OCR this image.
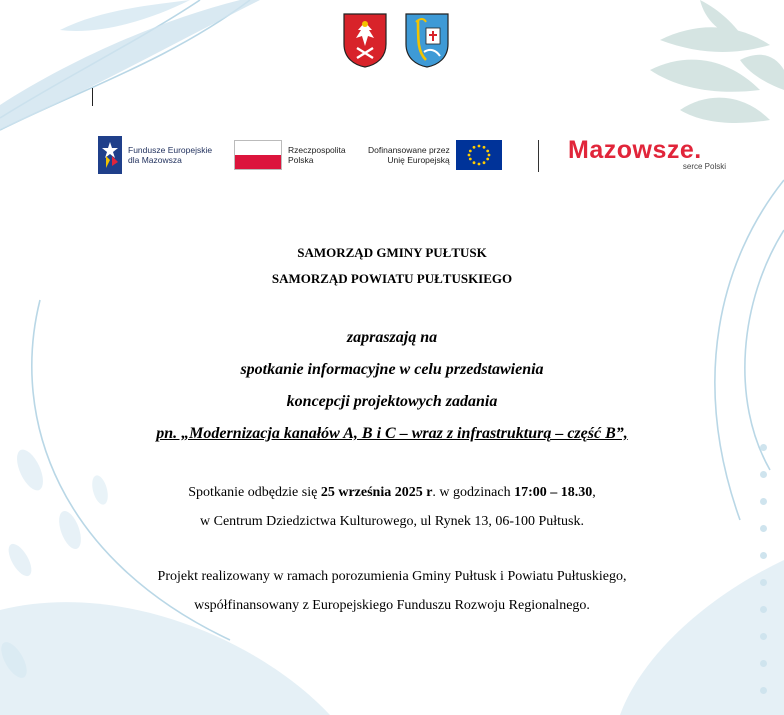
Fundusze Europejskie
dla Mazowsza
Rzeczpospolita
Polska
Dofinansowane przez
Unię Europejską	Mazowsze.
serce Polski
SAMORZĄD GMINY PUŁTUSK
SAMORZĄD POWIATU PUŁTUSKIEGO
zapraszają na
spotkanie informacyjne w celu przedstawienia
koncepcji projektowych zadania
pn. „Modernizacja kanałów A, B i C – wraz z infrastrukturą – część B”,
Spotkanie odbędzie się 25 września 2025 r. w godzinach 17:00 – 18.30,
w Centrum Dziedzictwa Kulturowego, ul Rynek 13, 06-100 Pułtusk.
Projekt realizowany w ramach porozumienia Gminy Pułtusk i Powiatu Pułtuskiego,
współfinansowany z Europejskiego Funduszu Rozwoju Regionalnego.
